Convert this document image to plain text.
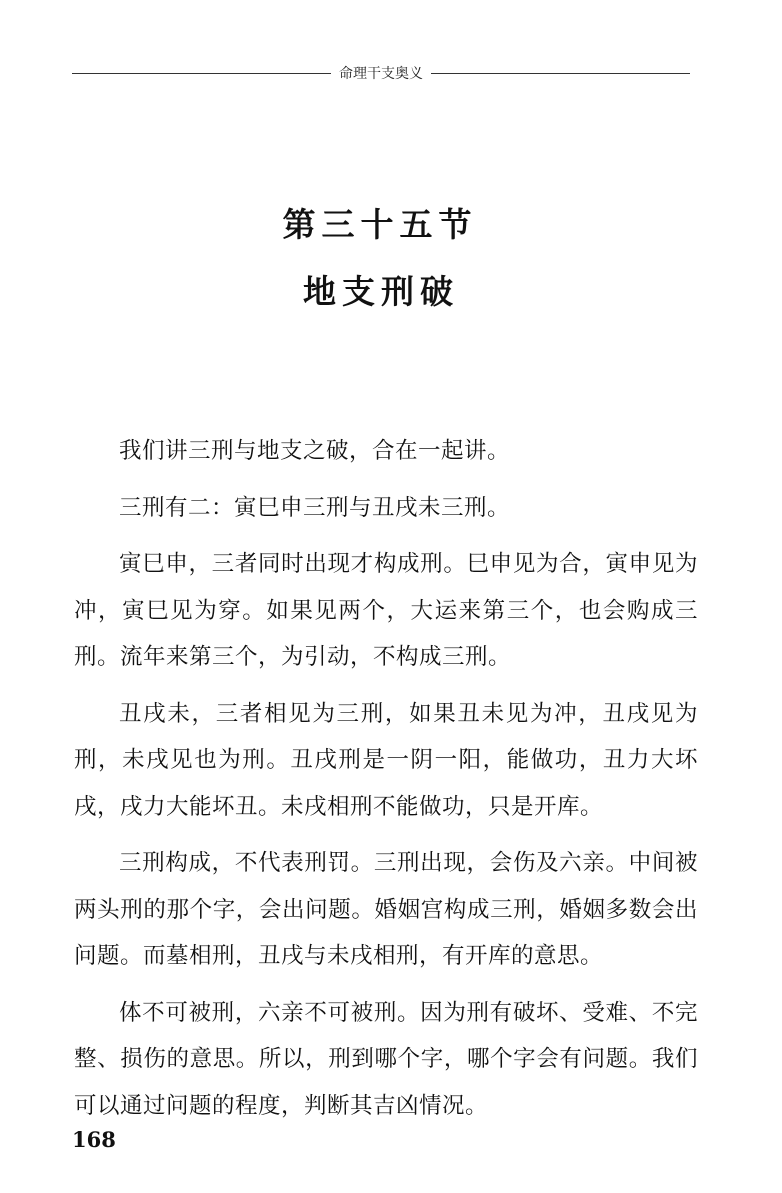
命理干支奥义
第三十五节
地支刑破

我们讲三刑与地支之破，合在一起讲。

三刑有二：寅巳申三刑与丑戌未三刑。

寅巳申，三者同时出现才构成刑。巳申见为合，寅申见为冲，寅巳见为穿。如果见两个，大运来第三个，也会购成三刑。流年来第三个，为引动，不构成三刑。

丑戌未，三者相见为三刑，如果丑未见为冲，丑戌见为刑，未戌见也为刑。丑戌刑是一阴一阳，能做功，丑力大坏戌，戌力大能坏丑。未戌相刑不能做功，只是开库。

三刑构成，不代表刑罚。三刑出现，会伤及六亲。中间被两头刑的那个字，会出问题。婚姻宫构成三刑，婚姻多数会出问题。而墓相刑，丑戌与未戌相刑，有开库的意思。

体不可被刑，六亲不可被刑。因为刑有破坏、受难、不完整、损伤的意思。所以，刑到哪个字，哪个字会有问题。我们可以通过问题的程度，判断其吉凶情况。

168
